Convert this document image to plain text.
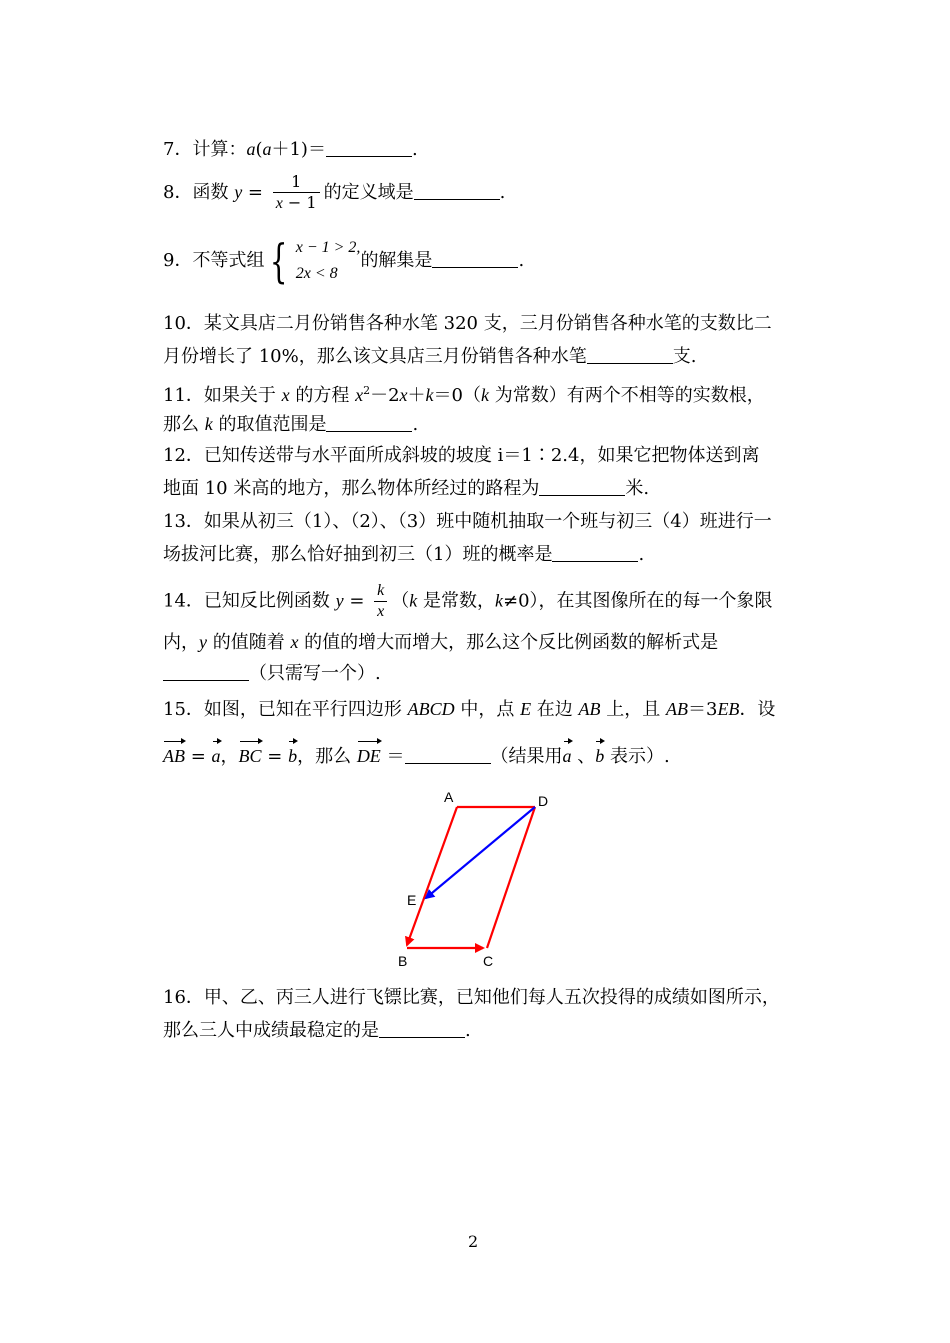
7．计算：a(a＋1)＝	.
8．函数 $y = \frac{1}{x - 1}$ 的定义域是	.
9．不等式组 { x − 1 > 2,
2x < 8
的解集是	.
10．某文具店二月份销售各种水笔 320 支，三月份销售各种水笔的支数比二
月份增长了 10%，那么该文具店三月份销售各种水笔	支.
11．如果关于 x 的方程 $x^2-2x+k=0(k$ 为常数）有两个不相等的实数根，
那么 k 的取值范围是	.
12．已知传送带与水平面所成斜坡的坡度 i＝1∶2.4，如果它把物体送到离
地面 10 米高的地方，那么物体所经过的路程为	米.
13．如果从初三（1）、（2）、（3）班中随机抽取一个班与初三（4）班进行一
场拔河比赛，那么恰好抽到初三（1）班的概率是	.
14．已知反比例函数 $y = \frac{k}{x} (k$ 是常数，k≠0），在其图像所在的每一个象限
内，y 的值随着 x 的值的增大而增大，那么这个反比例函数的解析式是
（只需写一个）.
15．如图，已知在平行四边形 ABCD 中，点 E 在边 AB 上，且 AB＝3EB．设
AB = a，BC = b，那么 DE ＝	（结果用a 、b 表示）.
A	D
E
B	C
16．甲、乙、丙三人进行飞镖比赛，已知他们每人五次投得的成绩如图所示，
那么三人中成绩最稳定的是	.
2
